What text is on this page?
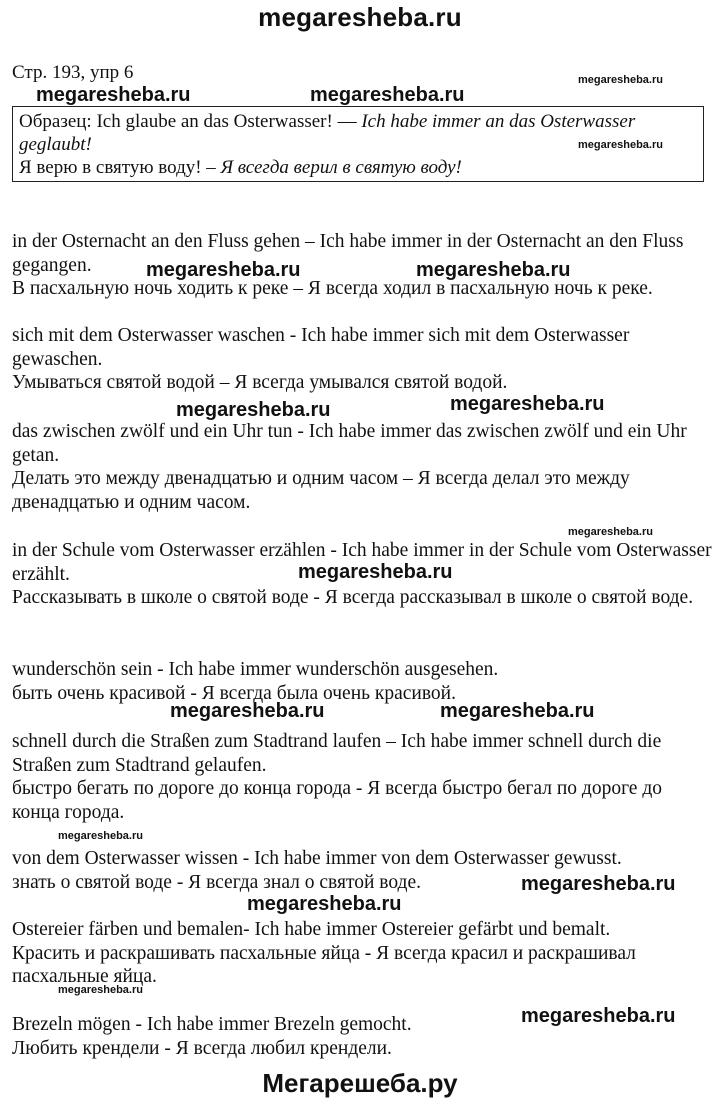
megaresheba.ru
Мегарешеба.ру
Стр. 193, упр 6
Образец: Ich glaube an das Osterwasser! — Ich habe immer an das Osterwasser
geglaubt!
Я верю в святую воду! – Я всегда верил в святую воду!

in der Osternacht an den Fluss gehen – Ich habe immer in der Osternacht an den Fluss gegangen.

В пасхальную ночь ходить к реке – Я всегда ходил в пасхальную ночь к реке.

sich mit dem Osterwasser waschen - Ich habe immer sich mit dem Osterwasser gewaschen.

Умываться святой водой – Я всегда умывался святой водой.

das zwischen zwölf und ein Uhr tun - Ich habe immer das zwischen zwölf und ein Uhr getan.

Делать это между двенадцатью и одним часом – Я всегда делал это между двенадцатью и одним часом.

in der Schule vom Osterwasser erzählen - Ich habe immer in der Schule vom Osterwasser erzählt.

Рассказывать в школе о святой воде - Я всегда рассказывал в школе о святой воде.

wunderschön sein - Ich habe immer wunderschön ausgesehen.

быть очень красивой - Я всегда была очень красивой.

schnell durch die Straßen zum Stadtrand laufen – Ich habe immer schnell durch die Straßen zum Stadtrand gelaufen.

быстро бегать по дороге до конца города - Я всегда быстро бегал по дороге до конца города.

von dem Osterwasser wissen - Ich habe immer von dem Osterwasser gewusst.

знать о святой воде - Я всегда знал о святой воде.

Ostereier färben und bemalen- Ich habe immer Ostereier gefärbt und bemalt.

Красить и раскрашивать пасхальные яйца - Я всегда красил и раскрашивал пасхальные яйца.

Brezeln mögen - Ich habe immer Brezeln gemocht.

Любить крендели - Я всегда любил крендели.

megaresheba.ru
megaresheba.ru	megaresheba.ru
megaresheba.ru
megaresheba.ru	megaresheba.ru
megaresheba.ru
megaresheba.ru
megaresheba.ru
megaresheba.ru
megaresheba.ru	megaresheba.ru
megaresheba.ru
megaresheba.ru
megaresheba.ru
megaresheba.ru
megaresheba.ru
